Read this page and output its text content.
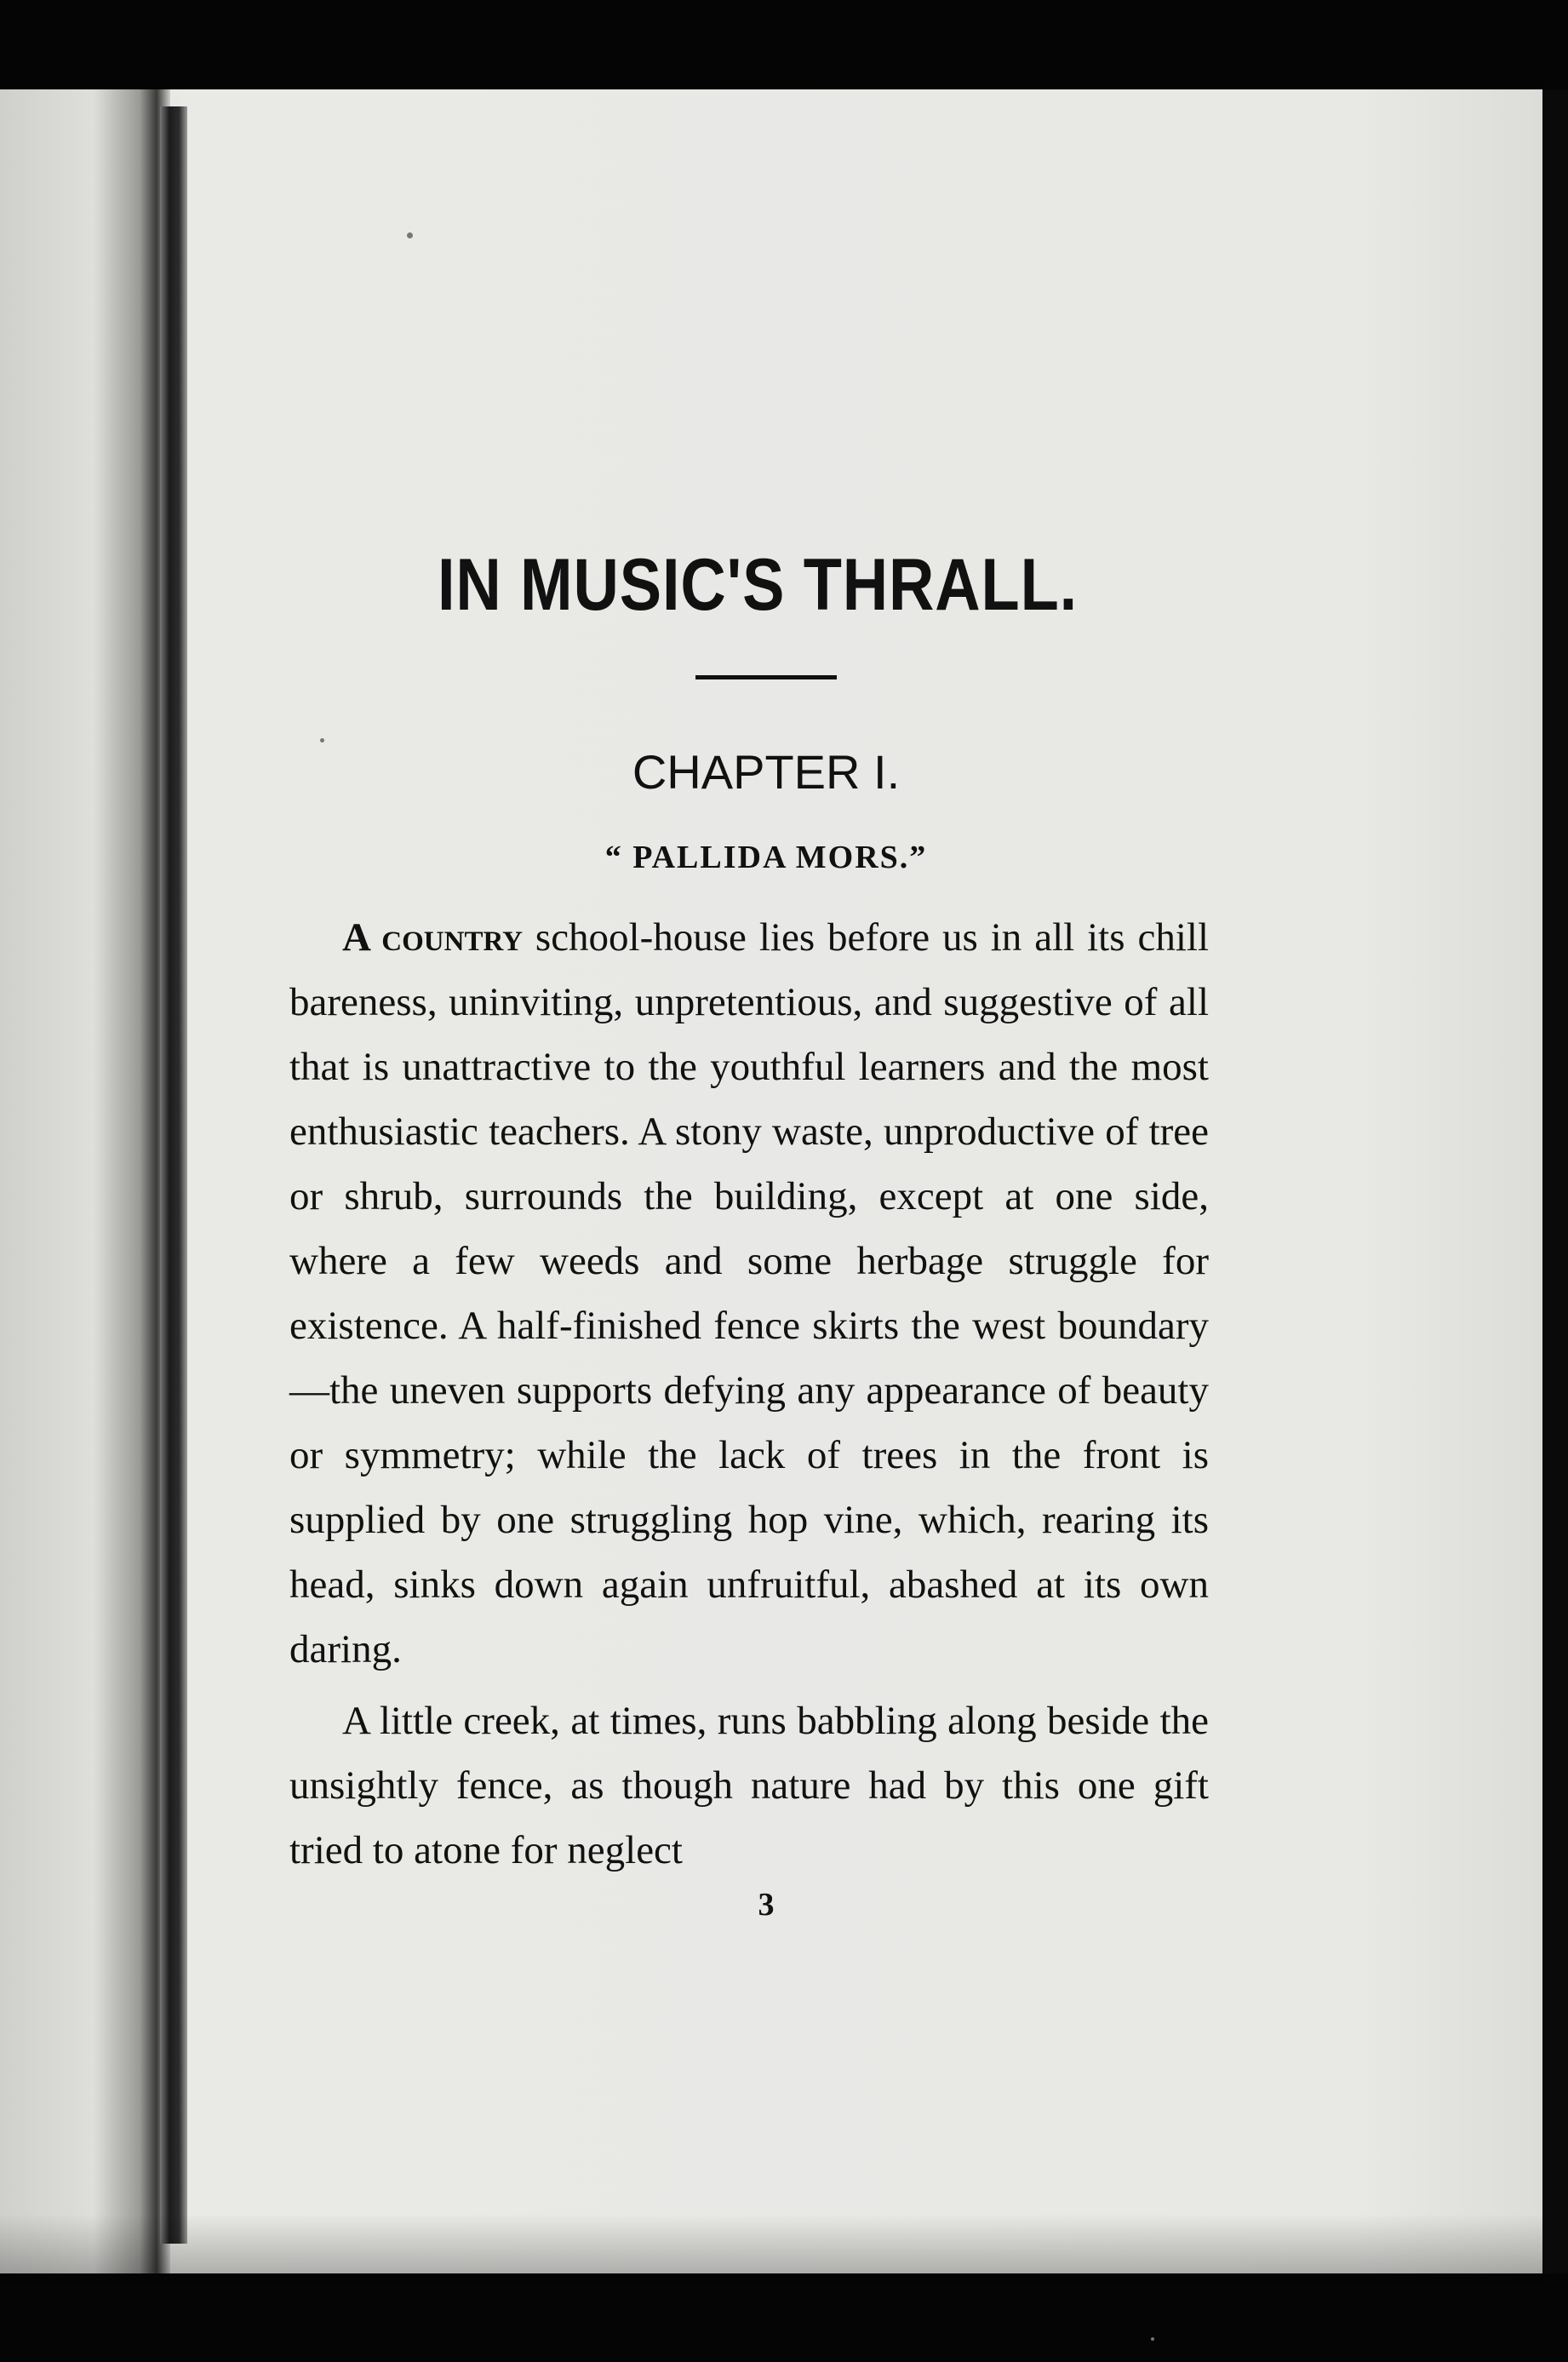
IN MUSIC'S THRALL.
CHAPTER I.
“ PALLIDA MORS.”

A country school-house lies before us in all its chill bareness, uninviting, unpretentious, and suggestive of all that is unattractive to the youthful learners and the most enthusiastic teachers. A stony waste, unproductive of tree or shrub, surrounds the building, except at one side, where a few weeds and some herbage struggle for existence. A half-finished fence skirts the west boundary—the uneven supports defying any appearance of beauty or symmetry; while the lack of trees in the front is supplied by one struggling hop vine, which, rearing its head, sinks down again unfruitful, abashed at its own daring.

A little creek, at times, runs babbling along beside the unsightly fence, as though nature had by this one gift tried to atone for neglect

3
